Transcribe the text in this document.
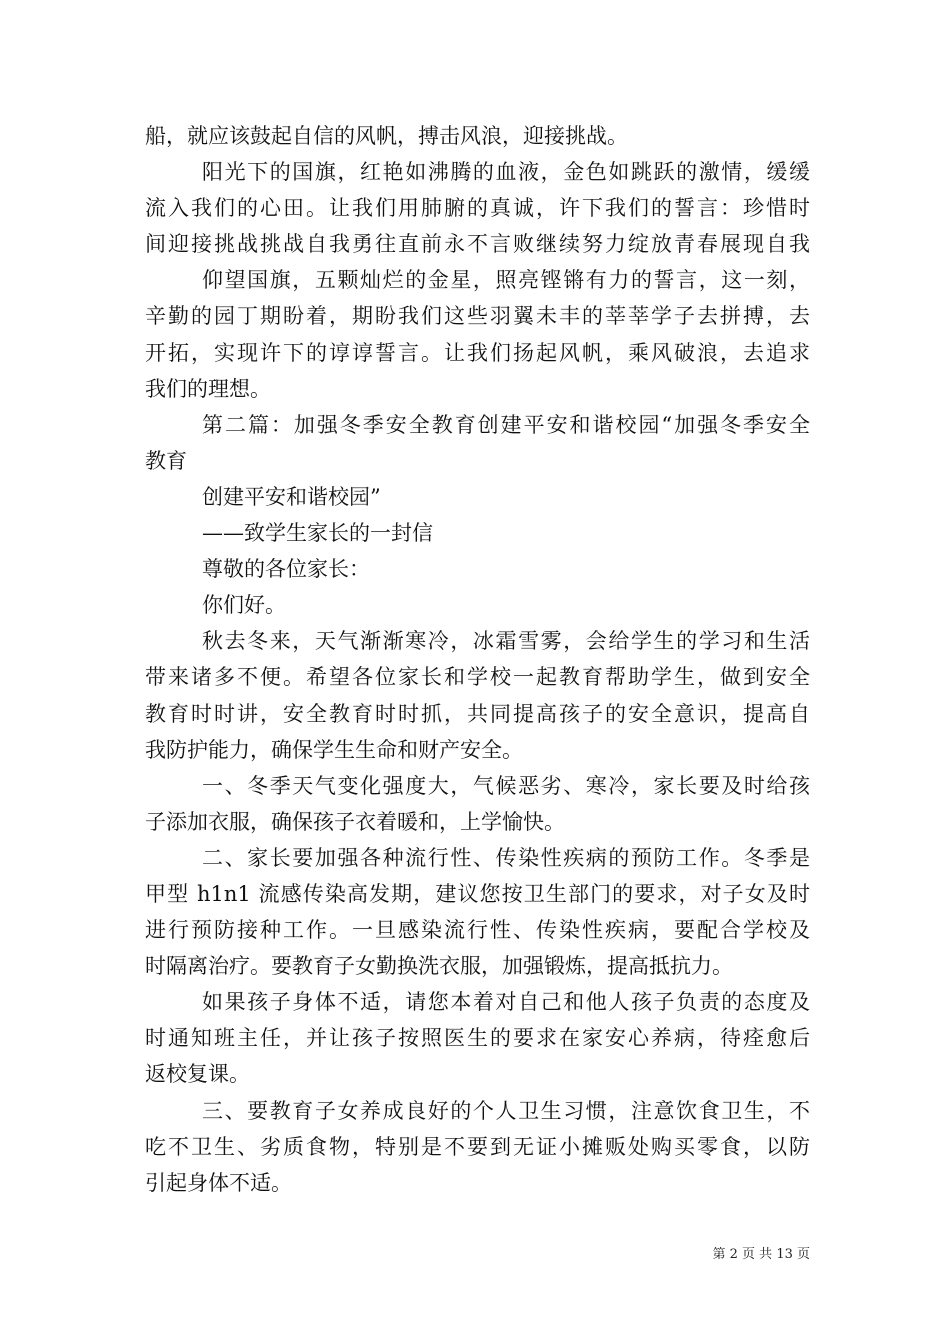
船，就应该鼓起自信的风帆，搏击风浪，迎接挑战。
阳光下的国旗，红艳如沸腾的血液，金色如跳跃的激情，缓缓
流入我们的心田。让我们用肺腑的真诚，许下我们的誓言：珍惜时
间迎接挑战挑战自我勇往直前永不言败继续努力绽放青春展现自我
仰望国旗，五颗灿烂的金星，照亮铿锵有力的誓言，这一刻，
辛勤的园丁期盼着，期盼我们这些羽翼未丰的莘莘学子去拼搏，去
开拓，实现许下的谆谆誓言。让我们扬起风帆，乘风破浪，去追求
我们的理想。
第二篇：加强冬季安全教育创建平安和谐校园“加强冬季安全
教育
创建平安和谐校园”
——致学生家长的一封信
尊敬的各位家长：
你们好。
秋去冬来，天气渐渐寒冷，冰霜雪雾，会给学生的学习和生活
带来诸多不便。希望各位家长和学校一起教育帮助学生，做到安全
教育时时讲，安全教育时时抓，共同提高孩子的安全意识，提高自
我防护能力，确保学生生命和财产安全。
一、冬季天气变化强度大，气候恶劣、寒冷，家长要及时给孩
子添加衣服，确保孩子衣着暖和，上学愉快。
二、家长要加强各种流行性、传染性疾病的预防工作。冬季是
甲型 h1n1 流感传染高发期，建议您按卫生部门的要求，对子女及时
进行预防接种工作。一旦感染流行性、传染性疾病，要配合学校及
时隔离治疗。要教育子女勤换洗衣服，加强锻炼，提高抵抗力。
如果孩子身体不适，请您本着对自己和他人孩子负责的态度及
时通知班主任，并让孩子按照医生的要求在家安心养病，待痊愈后
返校复课。
三、要教育子女养成良好的个人卫生习惯，注意饮食卫生，不
吃不卫生、劣质食物，特别是不要到无证小摊贩处购买零食，以防
引起身体不适。
第 2 页 共 13 页
